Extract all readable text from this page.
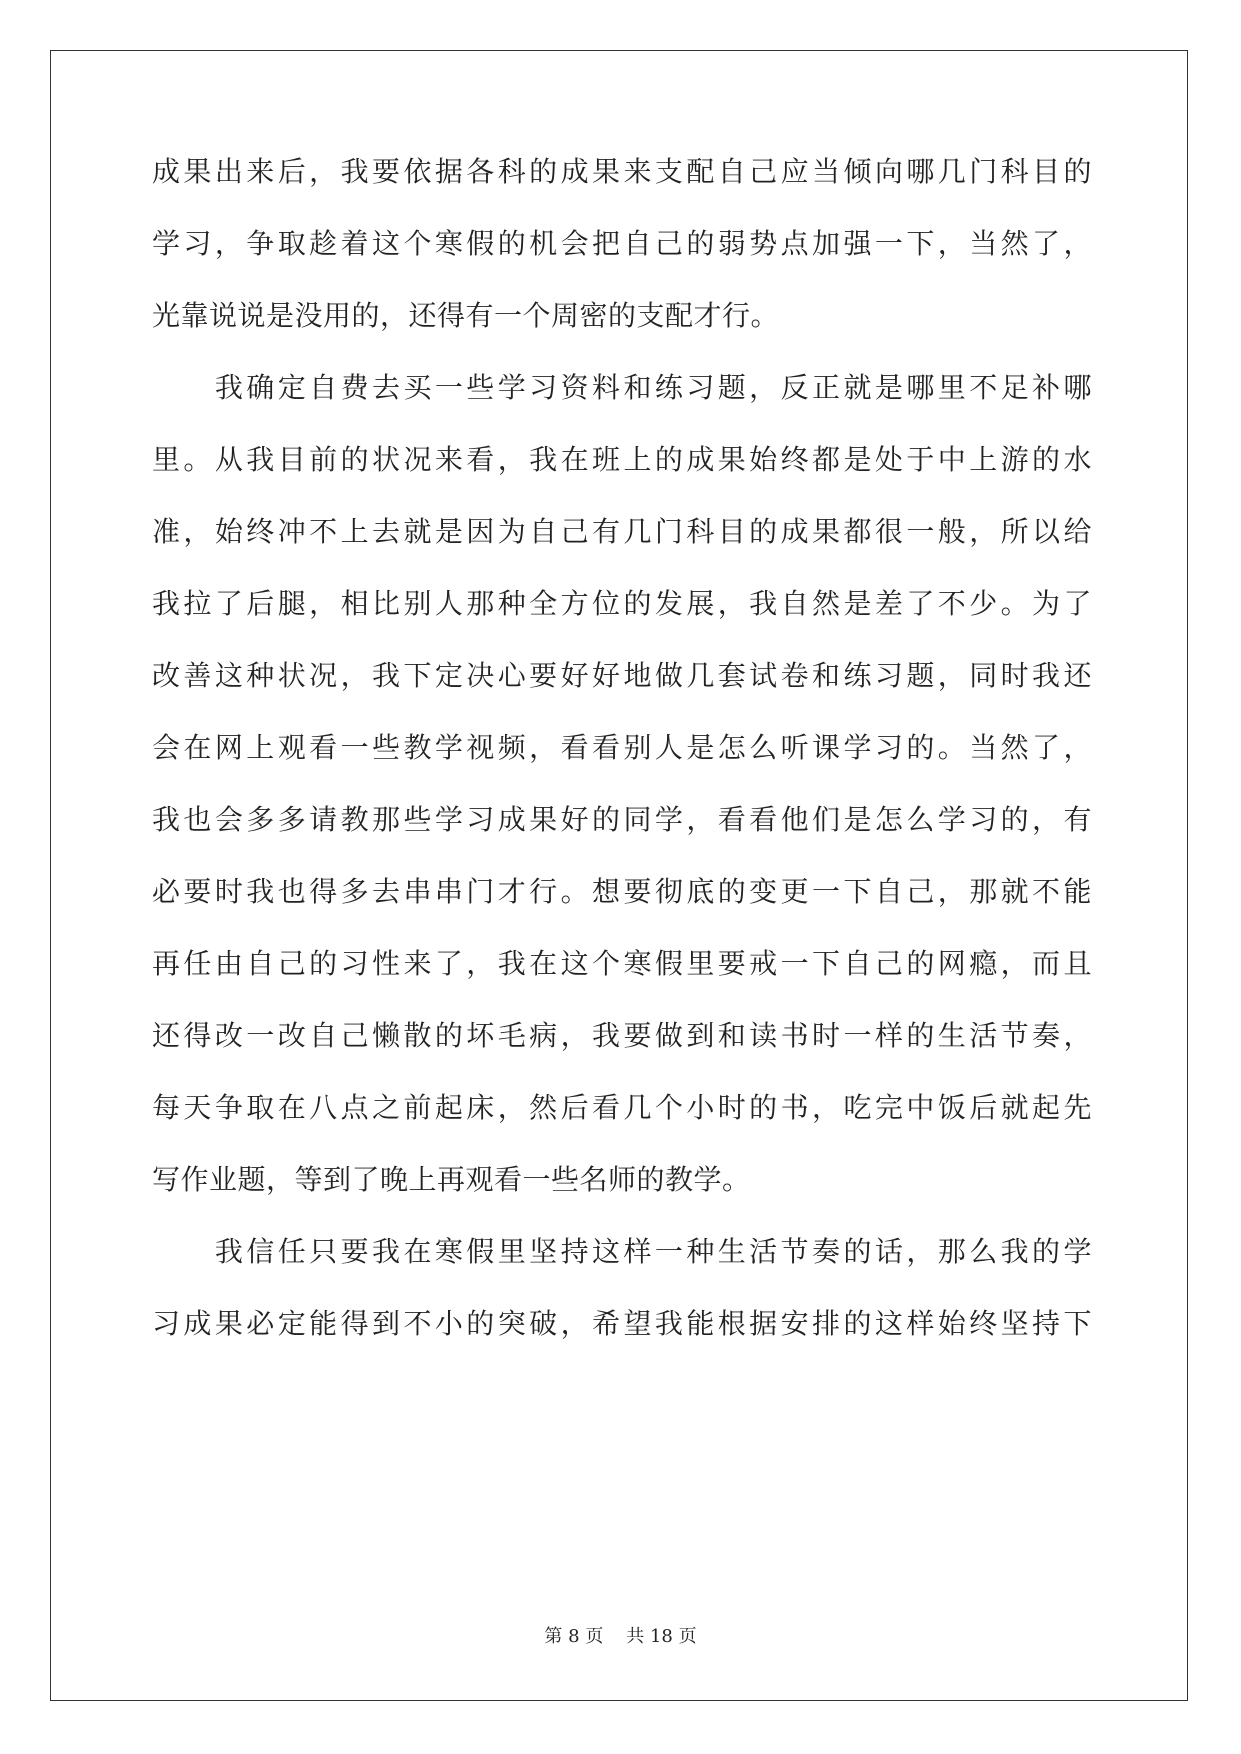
成果出来后，我要依据各科的成果来支配自己应当倾向哪几门科目的
学习，争取趁着这个寒假的机会把自己的弱势点加强一下，当然了，
光靠说说是没用的，还得有一个周密的支配才行。
　　我确定自费去买一些学习资料和练习题，反正就是哪里不足补哪
里。从我目前的状况来看，我在班上的成果始终都是处于中上游的水
准，始终冲不上去就是因为自己有几门科目的成果都很一般，所以给
我拉了后腿，相比别人那种全方位的发展，我自然是差了不少。为了
改善这种状况，我下定决心要好好地做几套试卷和练习题，同时我还
会在网上观看一些教学视频，看看别人是怎么听课学习的。当然了，
我也会多多请教那些学习成果好的同学，看看他们是怎么学习的，有
必要时我也得多去串串门才行。想要彻底的变更一下自己，那就不能
再任由自己的习性来了，我在这个寒假里要戒一下自己的网瘾，而且
还得改一改自己懒散的坏毛病，我要做到和读书时一样的生活节奏，
每天争取在八点之前起床，然后看几个小时的书，吃完中饭后就起先
写作业题，等到了晚上再观看一些名师的教学。
　　我信任只要我在寒假里坚持这样一种生活节奏的话，那么我的学
习成果必定能得到不小的突破，希望我能根据安排的这样始终坚持下
第 8 页 共 18 页
